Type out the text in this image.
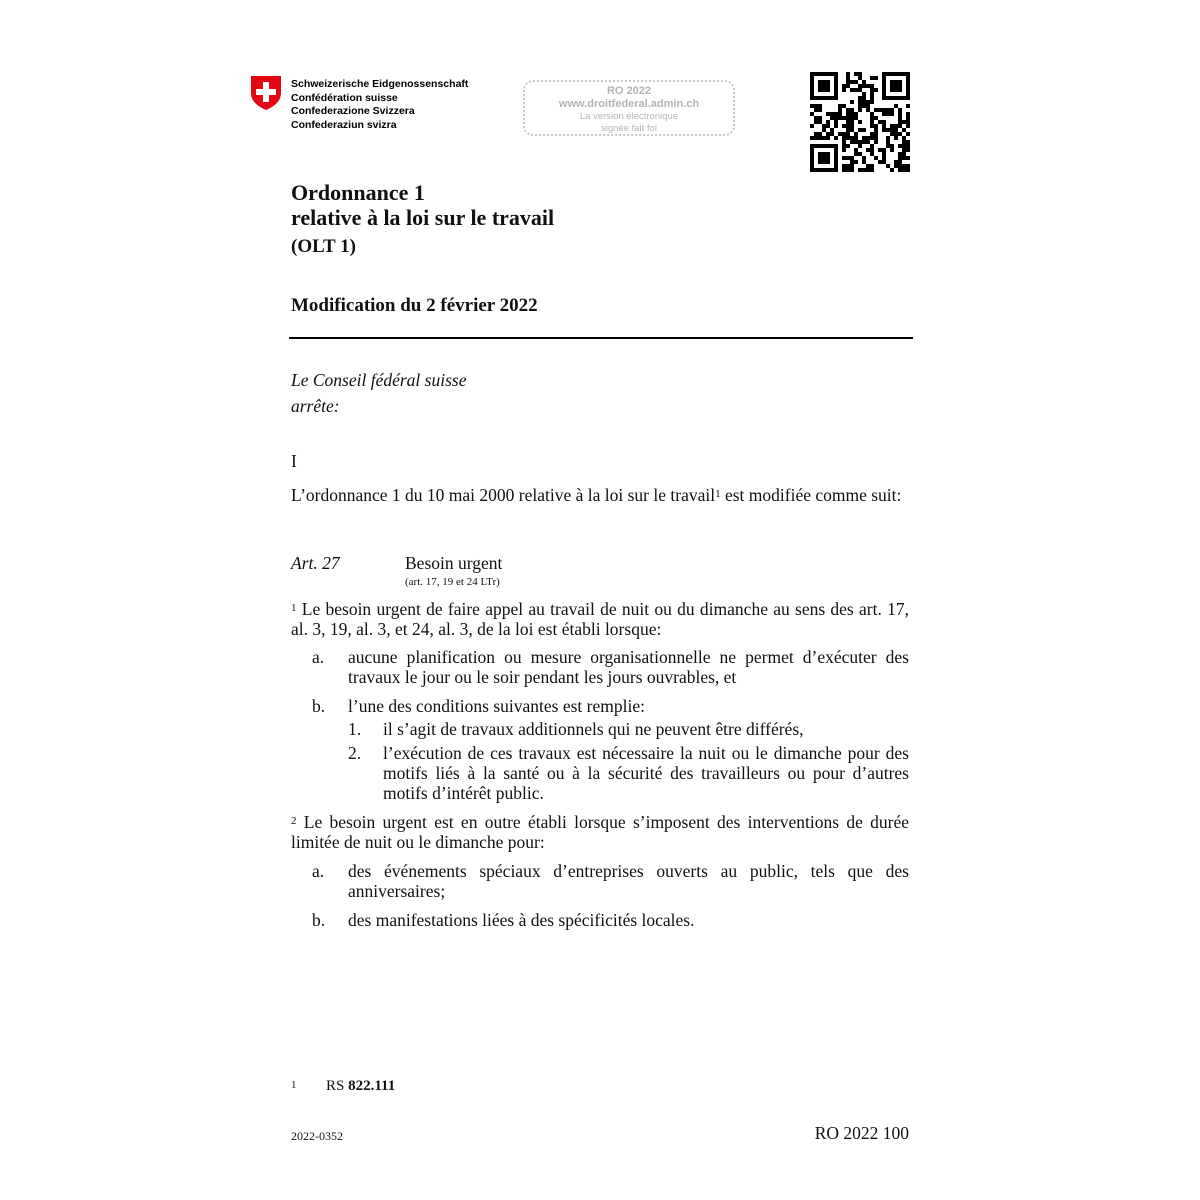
Schweizerische Eidgenossenschaft
Confédération suisse
Confederazione Svizzera
Confederaziun svizra
RO 2022
www.droitfederal.admin.ch
La version électronique
signée fait foi
Ordonnance 1
relative à la loi sur le travail
(OLT 1)
Modification du 2 février 2022
Le Conseil fédéral suisse
arrête:
I
L’ordonnance 1 du 10 mai 2000 relative à la loi sur le travail$^1$ est modifiée comme suit:
Art. 27	Besoin urgent
(art. 17, 19 et 24 LTr)
$^1$ Le besoin urgent de faire appel au travail de nuit ou du dimanche au sens des art. 17, al. 3, 19, al. 3, et 24, al. 3, de la loi est établi lorsque:
a.	aucune planification ou mesure organisationnelle ne permet d’exécuter des travaux le jour ou le soir pendant les jours ouvrables, et
b.	l’une des conditions suivantes est remplie:
1.	il s’agit de travaux additionnels qui ne peuvent être différés,
2.	l’exécution de ces travaux est nécessaire la nuit ou le dimanche pour des motifs liés à la santé ou à la sécurité des travailleurs ou pour d’autres motifs d’intérêt public.
$^2$ Le besoin urgent est en outre établi lorsque s’imposent des interventions de durée limitée de nuit ou le dimanche pour:
a.	des événements spéciaux d’entreprises ouverts au public, tels que des anniversaires;
b.	des manifestations liées à des spécificités locales.
1 RS 822.111
2022-0352	RO 2022 100
